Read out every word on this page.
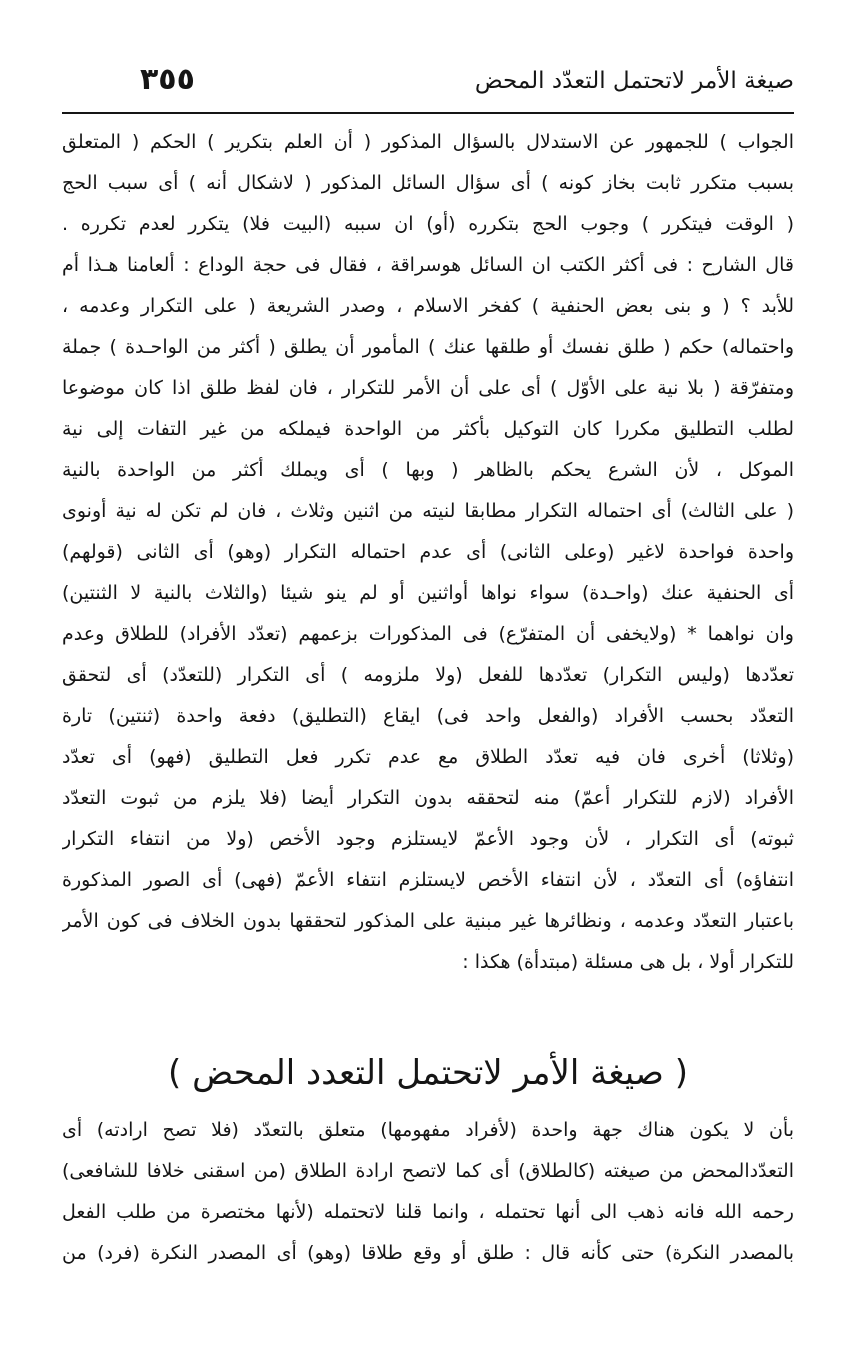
صيغة الأمر لاتحتمل التعدّد المحض
٣٥٥
الجواب ) للجمهور عن الاستدلال بالسؤال المذكور ( أن العلم بتكرير ) الحكم ( المتعلق
بسبب متكرر ثابت بخاز كونه ) أى سؤال السائل المذكور ( لاشكال أنه ) أى سبب الحج
( الوقت فيتكرر ) وجوب الحج بتكرره (أو) ان سببه (البيت فلا) يتكرر لعدم تكرره .
قال الشارح : فى أكثر الكتب ان السائل هوسراقة ، فقال فى حجة الوداع : ألعامنا هـذا أم
للأبد ؟ ( و بنى بعض الحنفية ) كفخر الاسلام ، وصدر الشريعة ( على التكرار وعدمه ،
واحتماله) حكم ( طلق نفسك أو طلقها عنك ) المأمور أن يطلق ( أكثر من الواحـدة ) جملة
ومتفرّقة ( بلا نية على الأوّل ) أى على أن الأمر للتكرار ، فان لفظ طلق اذا كان موضوعا
لطلب التطليق مكررا كان التوكيل بأكثر من الواحدة فيملكه من غير التفات إلى نية
الموكل ، لأن الشرع يحكم بالظاهر ( وبها ) أى ويملك أكثر من الواحدة بالنية
( على الثالث) أى احتماله التكرار مطابقا لنيته من اثنين وثلاث ، فان لم تكن له نية أونوى
واحدة فواحدة لاغير (وعلى الثانى) أى عدم احتماله التكرار (وهو) أى الثانى (قولهم)
أى الحنفية عنك (واحـدة) سواء نواها أواثنين أو لم ينو شيئا (والثلاث بالنية لا الثنتين)
وان نواهما * (ولايخفى أن المتفرّع) فى المذكورات بزعمهم (تعدّد الأفراد) للطلاق وعدم
تعدّدها (وليس التكرار) تعدّدها للفعل (ولا ملزومه ) أى التكرار (للتعدّد) أى لتحقق
التعدّد بحسب الأفراد (والفعل واحد فى) ايقاع (التطليق) دفعة واحدة (ثنتين) تارة
(وثلاثا) أخرى فان فيه تعدّد الطلاق مع عدم تكرر فعل التطليق (فهو) أى تعدّد
الأفراد (لازم للتكرار أعمّ) منه لتحققه بدون التكرار أيضا (فلا يلزم من ثبوت التعدّد
ثبوته) أى التكرار ، لأن وجود الأعمّ لايستلزم وجود الأخص (ولا من انتفاء التكرار
انتفاؤه) أى التعدّد ، لأن انتفاء الأخص لايستلزم انتفاء الأعمّ (فهى) أى الصور المذكورة
باعتبار التعدّد وعدمه ، ونظائرها غير مبنية على المذكور لتحققها بدون الخلاف فى كون الأمر
للتكرار أولا ، بل هى مسئلة (مبتدأة) هكذا :
( صيغة الأمر لاتحتمل التعدد المحض )
بأن لا يكون هناك جهة واحدة (لأفراد مفهومها) متعلق بالتعدّد (فلا تصح ارادته) أى
التعدّدالمحض من صيغته (كالطلاق) أى كما لاتصح ارادة الطلاق (من اسقنى خلافا للشافعى)
رحمه الله فانه ذهب الى أنها تحتمله ، وانما قلنا لاتحتمله (لأنها مختصرة من طلب الفعل
بالمصدر النكرة) حتى كأنه قال : طلق أو وقع طلاقا (وهو) أى المصدر النكرة (فرد) من
